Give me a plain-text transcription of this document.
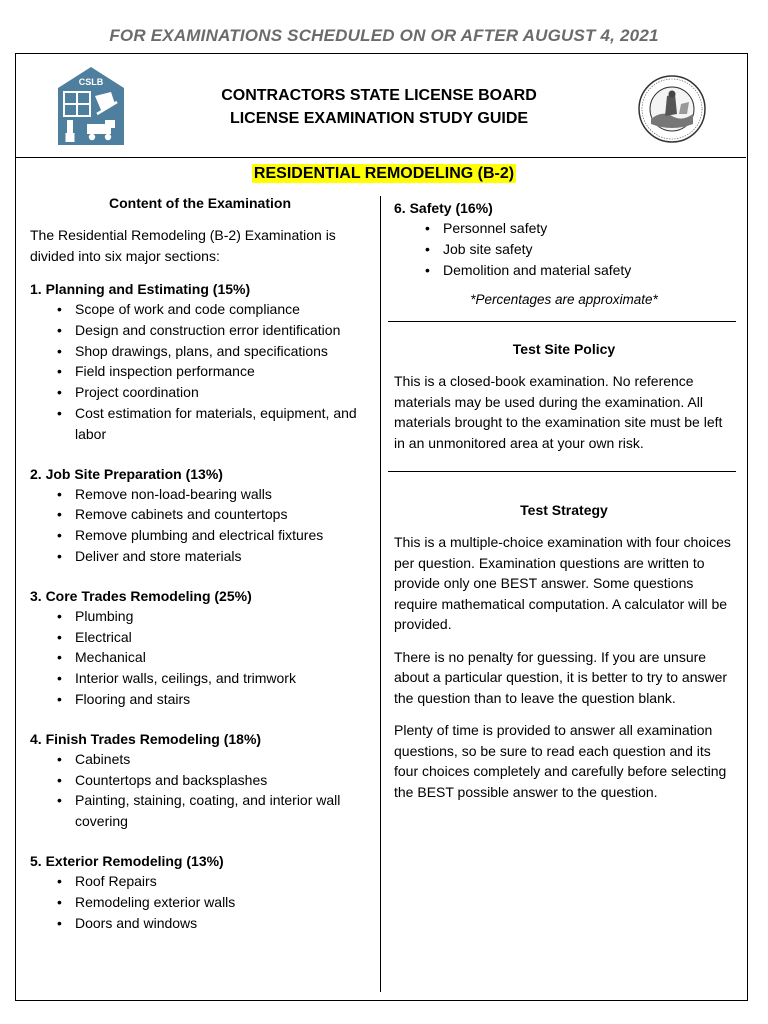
FOR EXAMINATIONS SCHEDULED ON OR AFTER AUGUST 4, 2021
CSLB
CONTRACTORS STATE LICENSE BOARD
LICENSE EXAMINATION STUDY GUIDE
RESIDENTIAL REMODELING (B-2)
Content of the Examination

The Residential Remodeling (B-2) Examination is divided into six major sections:

1. Planning and Estimating (15%)
• Scope of work and code compliance
• Design and construction error identification
• Shop drawings, plans, and specifications
• Field inspection performance
• Project coordination
• Cost estimation for materials, equipment, and labor
2. Job Site Preparation (13%)
• Remove non-load-bearing walls
• Remove cabinets and countertops
• Remove plumbing and electrical fixtures
• Deliver and store materials
3. Core Trades Remodeling (25%)
• Plumbing
• Electrical
• Mechanical
• Interior walls, ceilings, and trimwork
• Flooring and stairs
4. Finish Trades Remodeling (18%)
• Cabinets
• Countertops and backsplashes
• Painting, staining, coating, and interior wall covering
5. Exterior Remodeling (13%)
• Roof Repairs
• Remodeling exterior walls
• Doors and windows
6. Safety (16%)
• Personnel safety
• Job site safety
• Demolition and material safety
*Percentages are approximate*
Test Site Policy

This is a closed-book examination. No reference materials may be used during the examination. All materials brought to the examination site must be left in an unmonitored area at your own risk.

Test Strategy

This is a multiple-choice examination with four choices per question. Examination questions are written to provide only one BEST answer. Some questions require mathematical computation. A calculator will be provided.

There is no penalty for guessing. If you are unsure about a particular question, it is better to try to answer the question than to leave the question blank.

Plenty of time is provided to answer all examination questions, so be sure to read each question and its four choices completely and carefully before selecting the BEST possible answer to the question.
